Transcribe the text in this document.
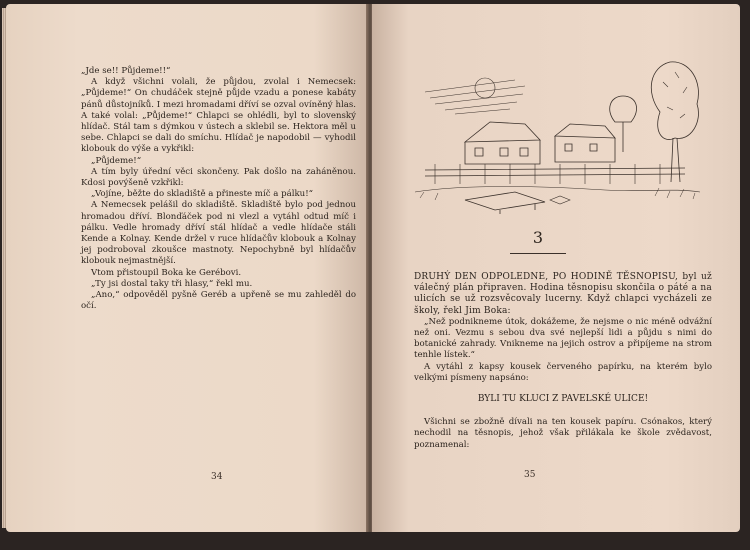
„Jde se!! Půjdeme!!“

A když všichni volali, že půjdou, zvolal i Nemecsek: „Půjdeme!“ On chudáček stejně půjde vzadu a ponese kabáty pánů důstojníků. I mezi hromadami dříví se ozval ovíněný hlas. A také volal: „Půjdeme!“ Chlapci se ohlédli, byl to slovenský hlídač. Stál tam s dýmkou v ústech a sklebil se. Hektora měl u sebe. Chlapci se dali do smíchu. Hlídač je napodobil — vyhodil klobouk do výše a vykřikl:

„Půjdeme!“

A tím byly úřední věci skončeny. Pak došlo na zaháněnou. Kdosi povýšeně vzkřikl:

„Vojíne, běžte do skladiště a přineste míč a pálku!“

A Nemecsek pelášil do skladiště. Skladiště bylo pod jednou hromadou dříví. Blonďáček pod ni vlezl a vytáhl odtud míč i pálku. Vedle hromady dříví stál hlídač a vedle hlídače stáli Kende a Kolnay. Kende držel v ruce hlídačův klobouk a Kolnay jej podroboval zkoušce mastnoty. Nepochybně byl hlídačův klobouk nejmastnější.

Vtom přistoupil Boka ke Gerébovi.

„Ty jsi dostal taky tři hlasy,“ řekl mu.

„Ano,“ odpověděl pyšně Geréb a upřeně se mu zahleděl do očí.

34
3

DRUHÝ DEN ODPOLEDNE, PO HODINĚ TĚSNOPISU, byl už válečný plán připraven. Hodina těsnopisu skončila o páté a na ulicích se už rozsvěcovaly lucerny. Když chlapci vycházeli ze školy, řekl Jim Boka:

„Než podnikneme útok, dokážeme, že nejsme o nic méně odvážní než oni. Vezmu s sebou dva své nejlepší lidi a půjdu s nimi do botanické zahrady. Vnikneme na jejich ostrov a připíjeme na strom tenhle lístek.“

A vytáhl z kapsy kousek červeného papírku, na kterém bylo velkými písmeny napsáno:

BYLI TU KLUCI Z PAVELSKÉ ULICE!

Všichni se zbožně dívali na ten kousek papíru. Csónakos, který nechodil na těsnopis, jehož však přilákala ke škole zvědavost, poznamenal:

35
